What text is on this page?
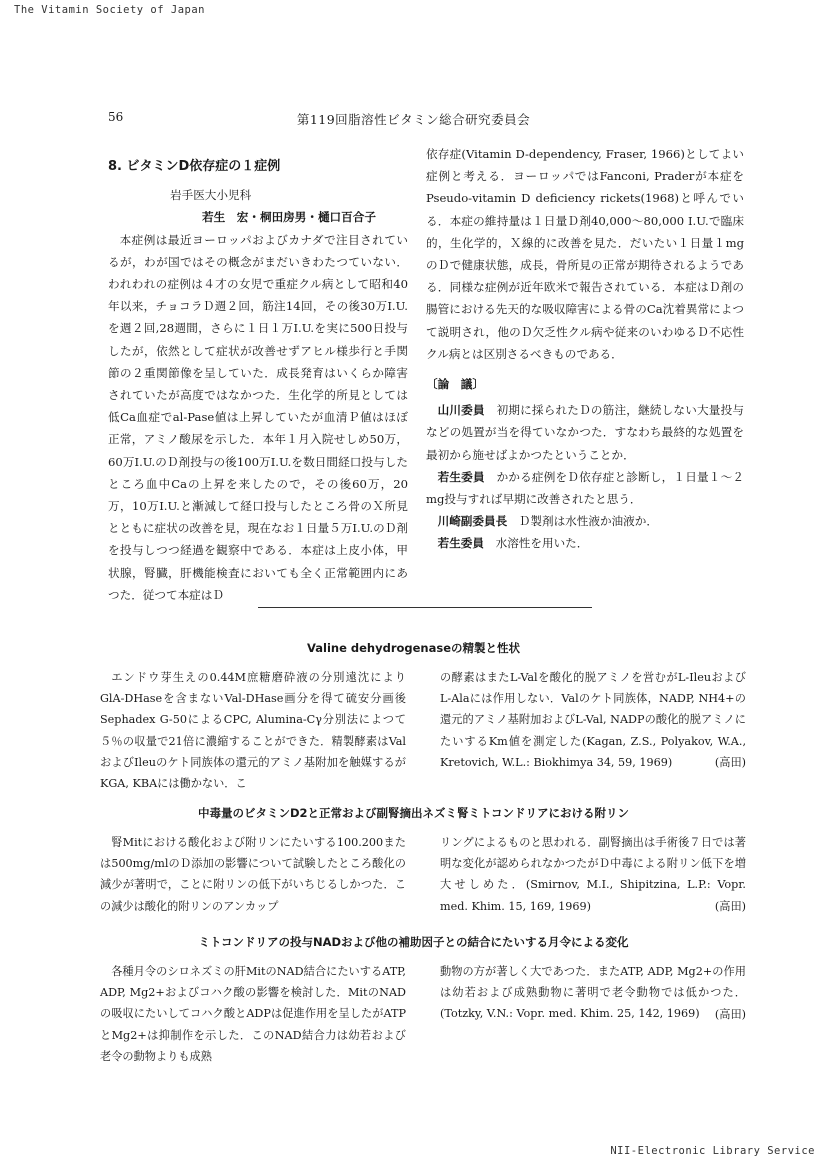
The Vitamin Society of Japan
56	第119回脂溶性ビタミン総合研究委員会

8. ビタミンD依存症の１症例

岩手医大小児科

若生　宏・桐田房男・樋口百合子

本症例は最近ヨーロッパおよびカナダで注目されているが，わが国ではその概念がまだいきわたつていない．われわれの症例は４才の女児で重症クル病として昭和40年以来，チョコラＤ週２回，筋注14回，その後30万I.U.を週２回,28週間，さらに１日１万I.U.を実に500日投与したが，依然として症状が改善せずアヒル様歩行と手関節の２重関節像を呈していた．成長発育はいくらか障害されていたが高度ではなかつた．生化学的所見としては低Ca血症でal-Pase値は上昇していたが血清Ｐ値はほぼ正常，アミノ酸尿を示した．本年１月入院せしめ50万，60万I.U.のＤ剤投与の後100万I.U.を数日間経口投与したところ血中Caの上昇を来したので，その後60万，20万，10万I.U.と漸減して経口投与したところ骨のＸ所見とともに症状の改善を見，現在なお１日量５万I.U.のＤ剤を投与しつつ経過を観察中である．本症は上皮小体，甲状腺，腎臓，肝機能検査においても全く正常範囲内にあつた．従つて本症はＤ

依存症(Vitamin D-dependency, Fraser, 1966)としてよい症例と考える．ヨーロッパではFanconi, Praderが本症をPseudo-vitamin D deficiency rickets(1968)と呼んでいる．本症の維持量は１日量Ｄ剤40,000～80,000 I.U.で臨床的，生化学的，Ｘ線的に改善を見た．だいたい１日量１mgのＤで健康状態，成長，骨所見の正常が期待されるようである．同様な症例が近年欧米で報告されている．本症はＤ剤の腸管における先天的な吸収障害による骨のCa沈着異常によつて説明され，他のＤ欠乏性クル病や従来のいわゆるＤ不応性クル病とは区別さるべきものである．

〔論　議〕

山川委員　 初期に採られたＤの筋注，継続しない大量投与などの処置が当を得ていなかつた．すなわち最終的な処置を最初から施せばよかつたということか．

若生委員　 かかる症例をＤ依存症と診断し，１日量１～２mg投与すれば早期に改善されたと思う．

川崎副委員長　 Ｄ製剤は水性液か油液か．

若生委員　 水溶性を用いた．

Valine dehydrogenaseの精製と性状

エンドウ芽生えの0.44M庶糖磨砕液の分別遠沈によりGlA-DHaseを含まないVal-DHase画分を得て硫安分画後Sephadex G-50によるCPC, Alumina-Cγ分別法によつて５％の収量で21倍に濃縮することができた．精製酵素はValおよびIleuのケト同族体の還元的アミノ基附加を触媒するがKGA, KBAには働かない．こ

の酵素はまたL-Valを酸化的脱アミノを営むがL-IleuおよびL-Alaには作用しない．Valのケト同族体，NADP, NH4+の還元的アミノ基附加およびL-Val, NADPの酸化的脱アミノにたいするKm値を測定した(Kagan, Z.S., Polyakov, W.A., Kretovich, W.L.: Biokhimya 34, 59, 1969)	(高田)

中毒量のビタミンD2と正常および副腎摘出ネズミ腎ミトコンドリアにおける附リン

腎Mitにおける酸化および附リンにたいする100.200または500mg/mlのＤ添加の影響について試験したところ酸化の減少が著明で，ことに附リンの低下がいちじるしかつた．この減少は酸化的附リンのアンカップ

リングによるものと思われる．副腎摘出は手術後７日では著明な変化が認められなかつたがＤ中毒による附リン低下を増大せしめた．(Smirnov, M.I., Shipitzina, L.P.: Vopr. med. Khim. 15, 169, 1969)	(高田)

ミトコンドリアの投与NADおよび他の補助因子との結合にたいする月令による変化

各種月令のシロネズミの肝MitのNAD結合にたいするATP, ADP, Mg2+およびコハク酸の影響を検討した．MitのNADの吸収にたいしてコハク酸とADPは促進作用を呈したがATPとMg2+は抑制作を示した．このNAD結合力は幼若および老令の動物よりも成熟

動物の方が著しく大であつた．またATP, ADP, Mg2+の作用は幼若および成熟動物に著明で老令動物では低かつた．(Totzky, V.N.: Vopr. med. Khim. 25, 142, 1969)	(高田)

NII-Electronic Library Service
